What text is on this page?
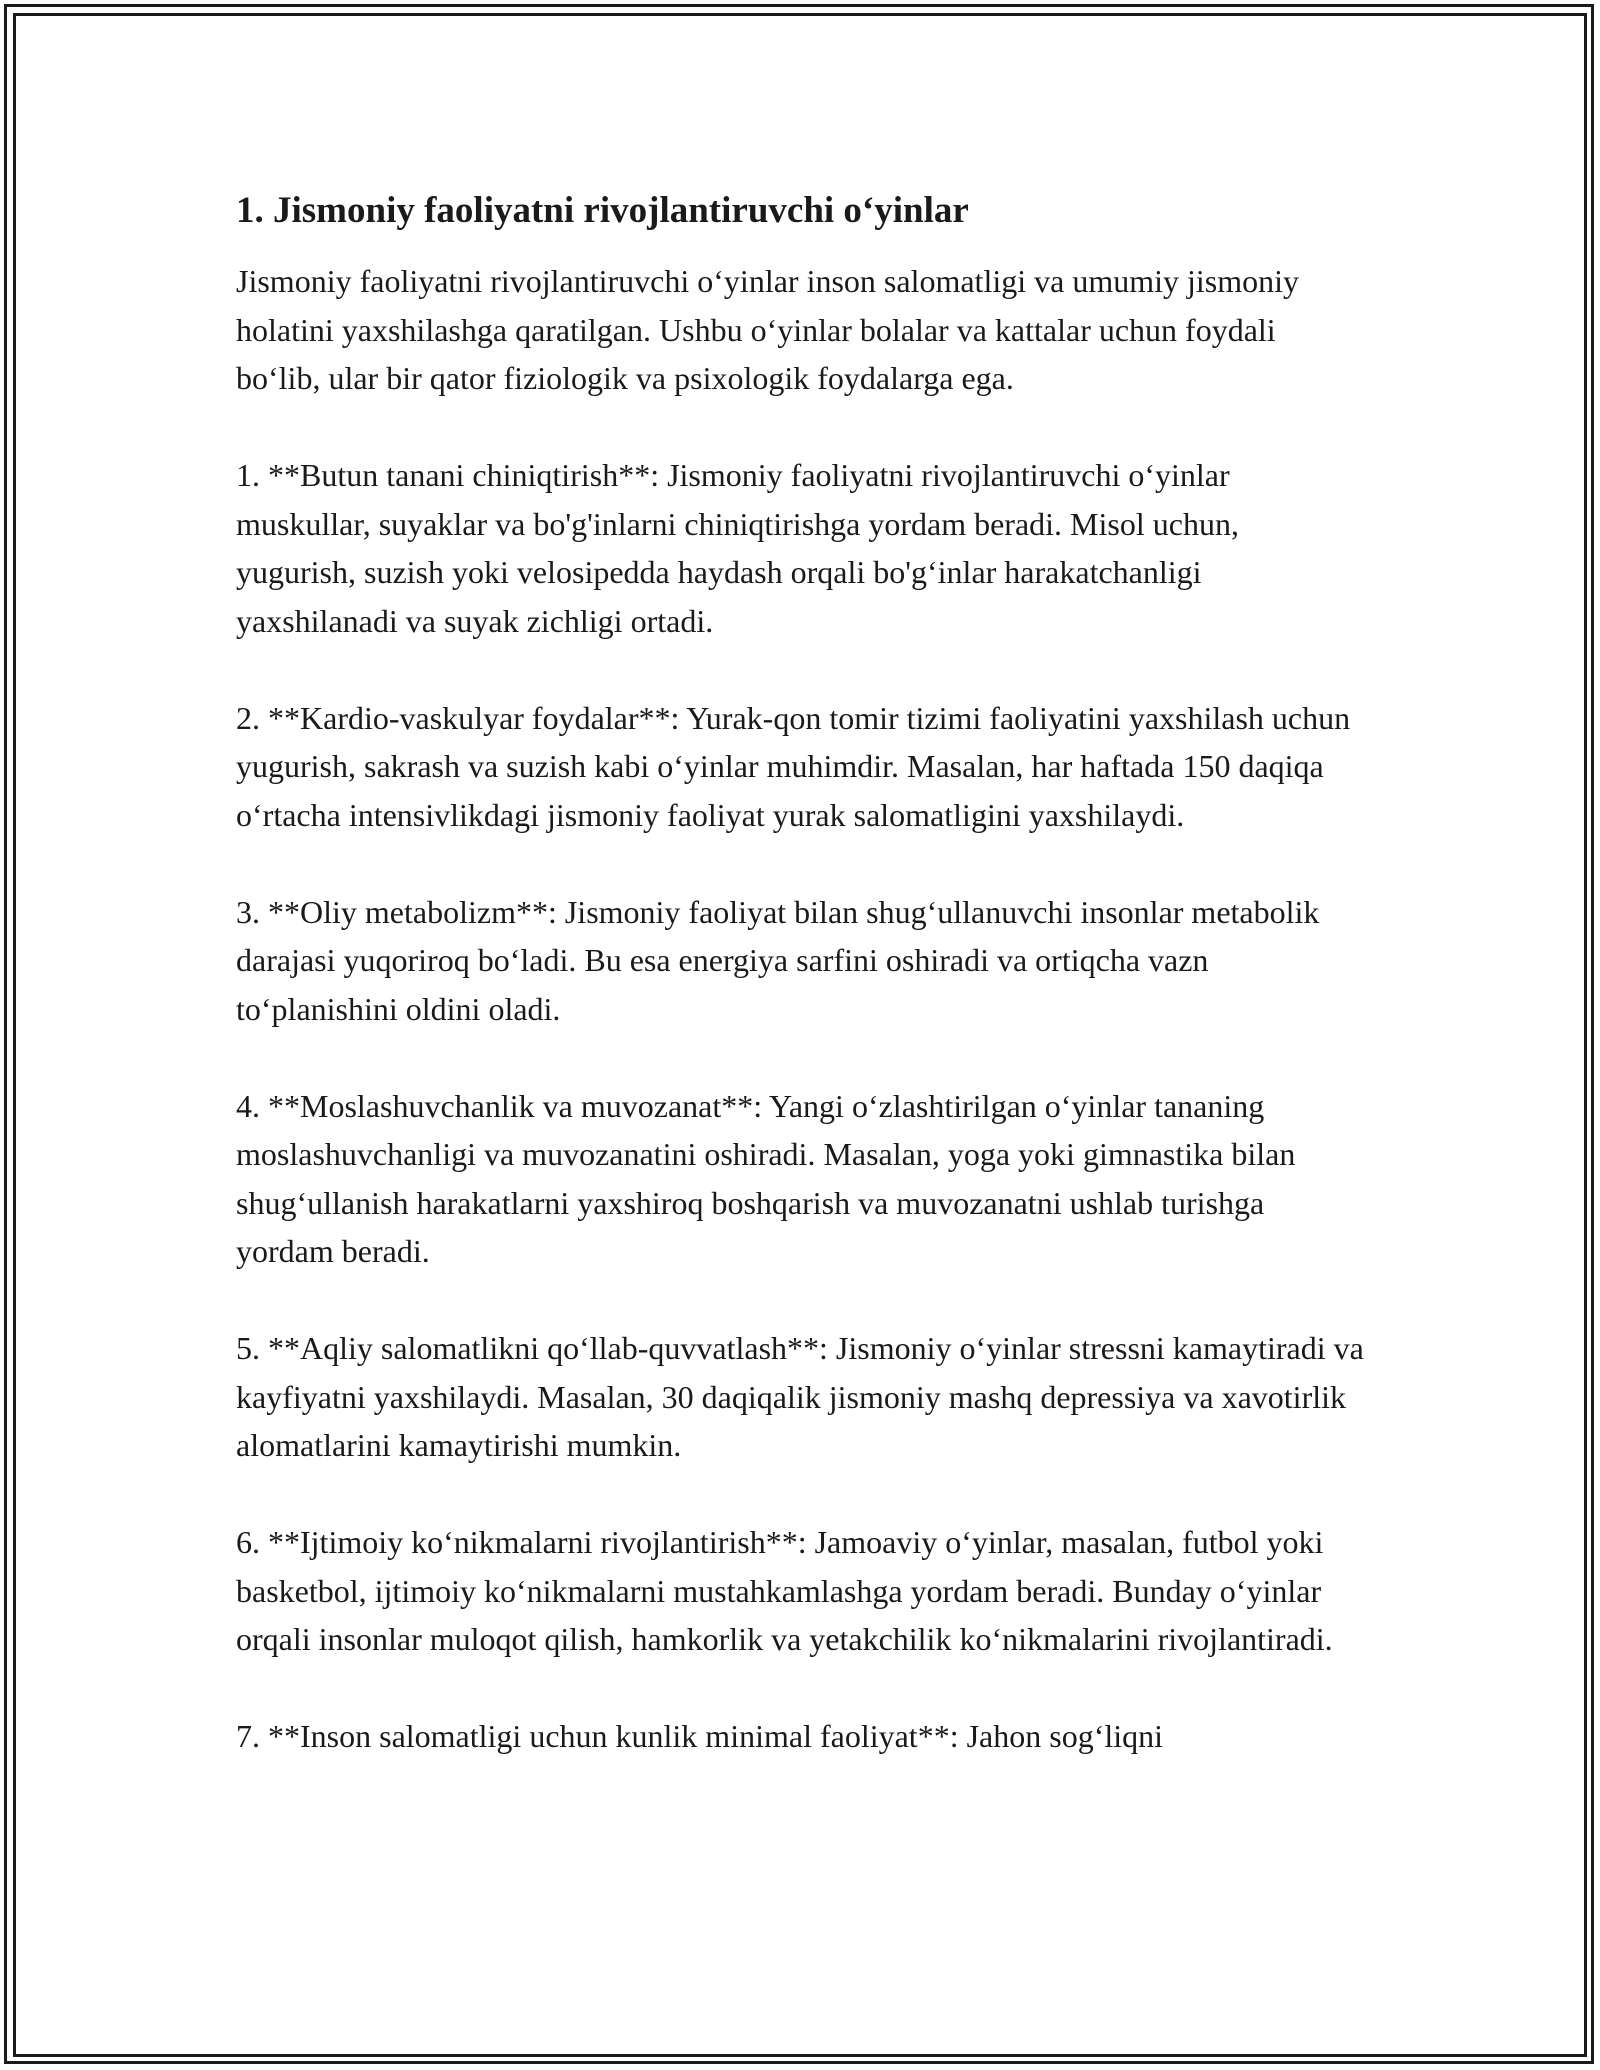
1. Jismoniy faoliyatni rivojlantiruvchi o‘yinlar

Jismoniy faoliyatni rivojlantiruvchi o‘yinlar inson salomatligi va umumiy jismoniy holatini yaxshilashga qaratilgan. Ushbu o‘yinlar bolalar va kattalar uchun foydali bo‘lib, ular bir qator fiziologik va psixologik foydalarga ega.

1. **Butun tanani chiniqtirish**: Jismoniy faoliyatni rivojlantiruvchi o‘yinlar muskullar, suyaklar va bo'g'inlarni chiniqtirishga yordam beradi. Misol uchun, yugurish, suzish yoki velosipedda haydash orqali bo'g‘inlar harakatchanligi yaxshilanadi va suyak zichligi ortadi.

2. **Kardio-vaskulyar foydalar**: Yurak-qon tomir tizimi faoliyatini yaxshilash uchun yugurish, sakrash va suzish kabi o‘yinlar muhimdir. Masalan, har haftada 150 daqiqa o‘rtacha intensivlikdagi jismoniy faoliyat yurak salomatligini yaxshilaydi.

3. **Oliy metabolizm**: Jismoniy faoliyat bilan shug‘ullanuvchi insonlar metabolik darajasi yuqoriroq bo‘ladi. Bu esa energiya sarfini oshiradi va ortiqcha vazn to‘planishini oldini oladi.

4. **Moslashuvchanlik va muvozanat**: Yangi o‘zlashtirilgan o‘yinlar tananing moslashuvchanligi va muvozanatini oshiradi. Masalan, yoga yoki gimnastika bilan shug‘ullanish harakatlarni yaxshiroq boshqarish va muvozanatni ushlab turishga yordam beradi.

5. **Aqliy salomatlikni qo‘llab-quvvatlash**: Jismoniy o‘yinlar stressni kamaytiradi va kayfiyatni yaxshilaydi. Masalan, 30 daqiqalik jismoniy mashq depressiya va xavotirlik alomatlarini kamaytirishi mumkin.

6. **Ijtimoiy ko‘nikmalarni rivojlantirish**: Jamoaviy o‘yinlar, masalan, futbol yoki basketbol, ijtimoiy ko‘nikmalarni mustahkamlashga yordam beradi. Bunday o‘yinlar orqali insonlar muloqot qilish, hamkorlik va yetakchilik ko‘nikmalarini rivojlantiradi.

7. **Inson salomatligi uchun kunlik minimal faoliyat**: Jahon sog‘liqni
